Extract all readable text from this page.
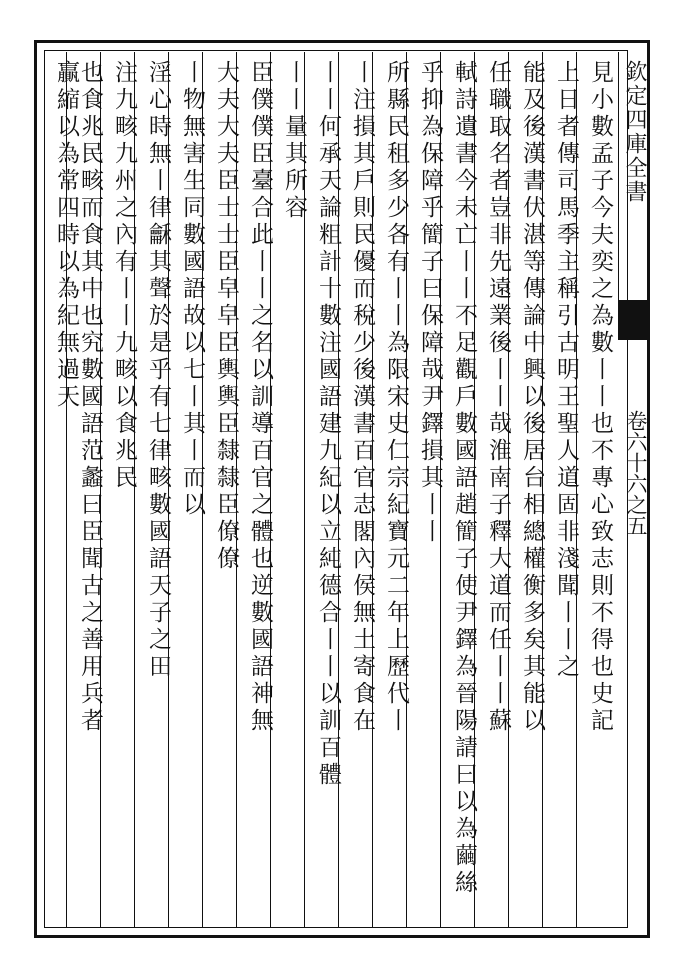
欽定四庫全書
卷六十六之五
見小數孟子今夫奕之為數丨丨也不專心致志則不得也史記
上日者傳司馬季主稱引古明王聖人道固非淺聞丨丨之
能及後漢書伏湛等傳論中興以後居台相總權衡多矣其能以
任職取名者豈非先遠業後丨丨哉淮南子釋大道而任丨丨蘇
軾詩遺書今未亡丨丨不足觀戶數國語趙簡子使尹鐸為晉陽請曰以為繭絲
乎抑為保障乎簡子曰保障哉尹鐸損其丨丨
所縣民租多少各有丨丨為限宋史仁宗紀寶元二年上歷代丨
丨注損其戶則民優而稅少後漢書百官志閣內侯無土寄食在
丨丨何承天論粗計十數注國語建九紀以立純德合丨丨以訓百體
丨丨量其所容
臣僕僕臣臺合此丨丨之名以訓導百官之體也逆數國語神無
大夫大夫臣士士臣皁皁臣輿輿臣隸隸臣僚僚
丨物無害生同數國語故以七丨其丨而以
淫心時無丨律龢其聲於是乎有七律畡數國語天子之田
注九畡九州之內有丨丨九畡以食兆民
也食兆民畡而食其中也究數國語范蠡曰臣聞古之善用兵者
贏縮以為常四時以為紀無過天
